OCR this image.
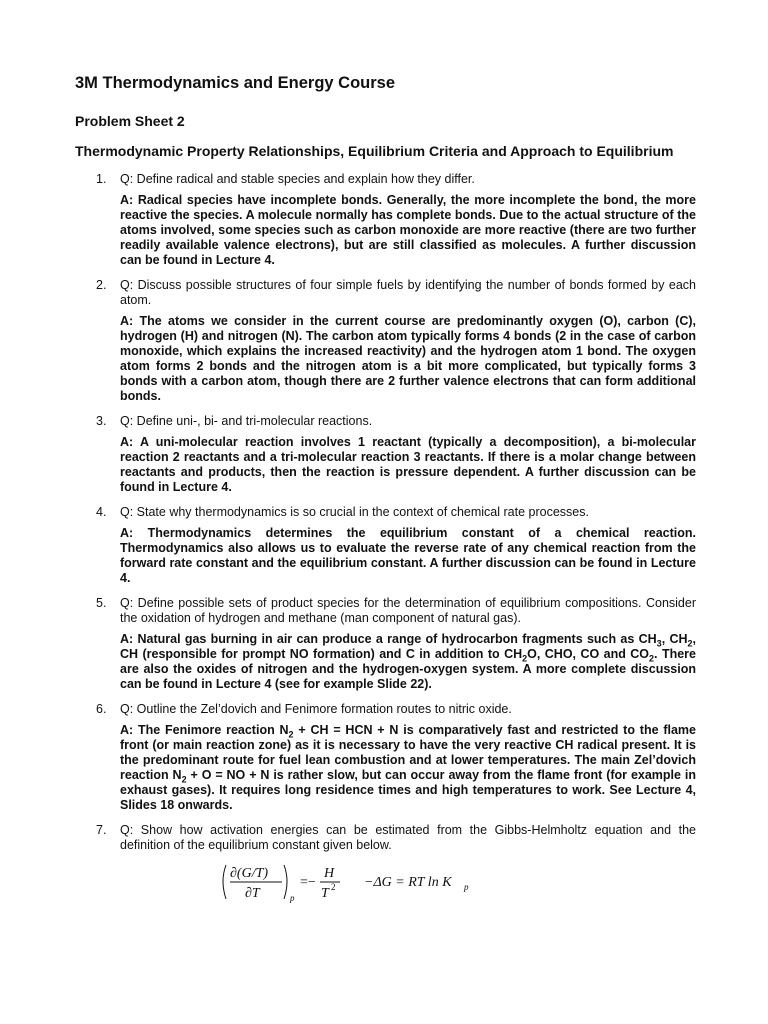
3M Thermodynamics and Energy Course
Problem Sheet 2
Thermodynamic Property Relationships, Equilibrium Criteria and Approach to Equilibrium
1. Q: Define radical and stable species and explain how they differ.

A: Radical species have incomplete bonds. Generally, the more incomplete the bond, the more reactive the species. A molecule normally has complete bonds. Due to the actual structure of the atoms involved, some species such as carbon monoxide are more reactive (there are two further readily available valence electrons), but are still classified as molecules. A further discussion can be found in Lecture 4.

2. Q: Discuss possible structures of four simple fuels by identifying the number of bonds formed by each atom.

A: The atoms we consider in the current course are predominantly oxygen (O), carbon (C), hydrogen (H) and nitrogen (N). The carbon atom typically forms 4 bonds (2 in the case of carbon monoxide, which explains the increased reactivity) and the hydrogen atom 1 bond. The oxygen atom forms 2 bonds and the nitrogen atom is a bit more complicated, but typically forms 3 bonds with a carbon atom, though there are 2 further valence electrons that can form additional bonds.

3. Q: Define uni-, bi- and tri-molecular reactions.

A: A uni-molecular reaction involves 1 reactant (typically a decomposition), a bi-molecular reaction 2 reactants and a tri-molecular reaction 3 reactants. If there is a molar change between reactants and products, then the reaction is pressure dependent. A further discussion can be found in Lecture 4.

4. Q: State why thermodynamics is so crucial in the context of chemical rate processes.

A: Thermodynamics determines the equilibrium constant of a chemical reaction. Thermodynamics also allows us to evaluate the reverse rate of any chemical reaction from the forward rate constant and the equilibrium constant. A further discussion can be found in Lecture 4.

5. Q: Define possible sets of product species for the determination of equilibrium compositions. Consider the oxidation of hydrogen and methane (man component of natural gas).

A: Natural gas burning in air can produce a range of hydrocarbon fragments such as $CH_3$, $CH_2$, CH (responsible for prompt NO formation) and C in addition to $CH_2O$, CHO, CO and $CO_2$. There are also the oxides of nitrogen and the hydrogen-oxygen system. A more complete discussion can be found in Lecture 4 (see for example Slide 22).

6. Q: Outline the Zel’dovich and Fenimore formation routes to nitric oxide.

A: The Fenimore reaction $N_2$ + CH = HCN + N is comparatively fast and restricted to the flame front (or main reaction zone) as it is necessary to have the very reactive CH radical present. It is the predominant route for fuel lean combustion and at lower temperatures. The main Zel’dovich reaction $N_2 + O$ = NO + N is rather slow, but can occur away from the flame front (for example in exhaust gases). It requires long residence times and high temperatures to work. See Lecture 4, Slides 18 onwards.

7. Q: Show how activation energies can be estimated from the Gibbs-Helmholtz equation and the definition of the equilibrium constant given below.

∂(G/T)
∂T	p
=−
H
T 2 −ΔG = RT ln K p
